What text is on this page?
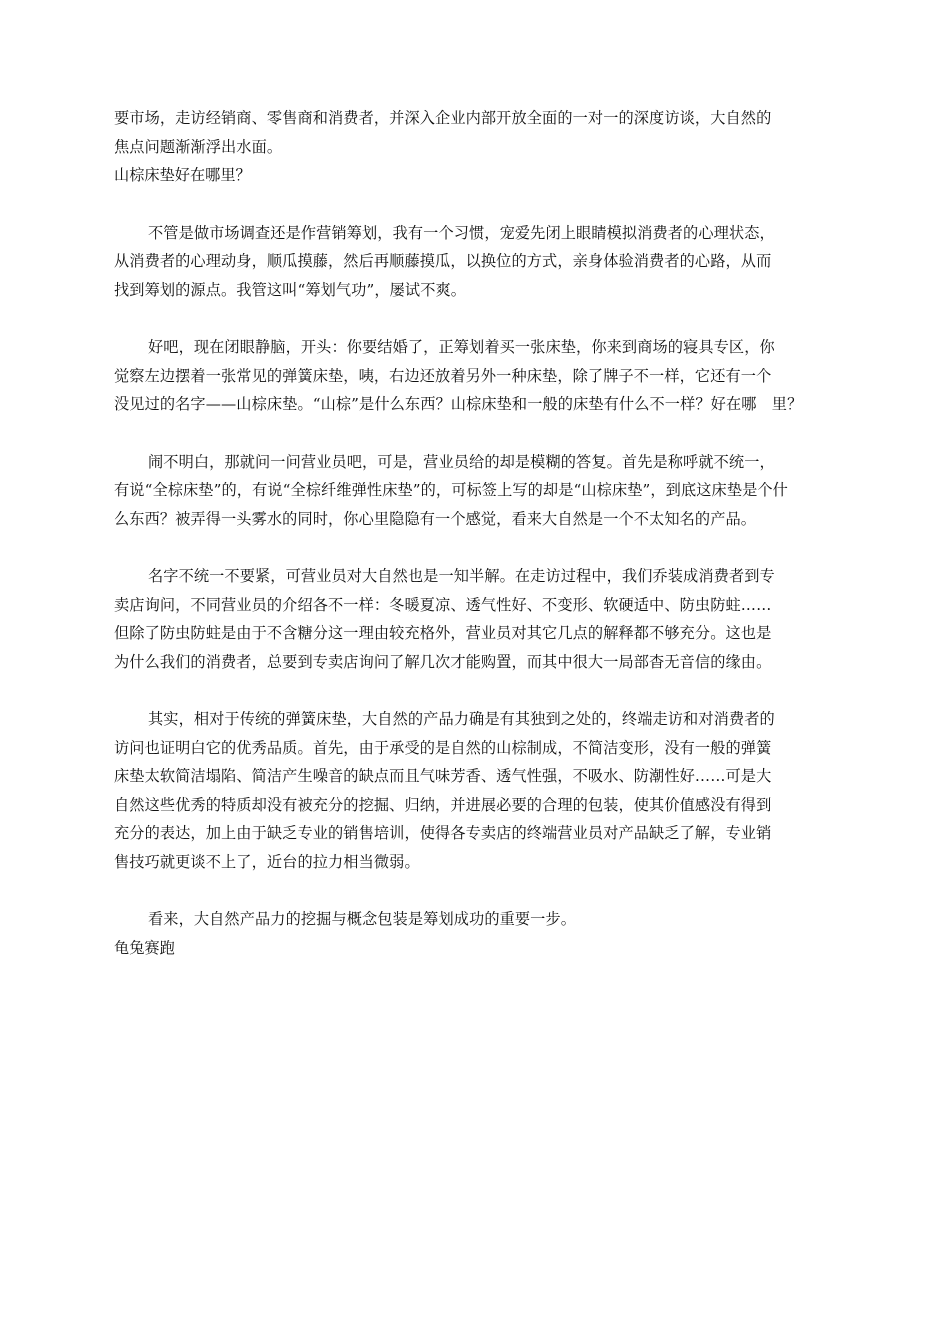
要市场，走访经销商、零售商和消费者，并深入企业内部开放全面的一对一的深度访谈，大自然的
焦点问题渐渐浮出水面。

山棕床垫好在哪里？

不管是做市场调查还是作营销筹划，我有一个习惯，宠爱先闭上眼睛模拟消费者的心理状态，
从消费者的心理动身，顺瓜摸藤，然后再顺藤摸瓜，以换位的方式，亲身体验消费者的心路，从而
找到筹划的源点。我管这叫“筹划气功”，屡试不爽。

好吧，现在闭眼静脑，开头：你要结婚了，正筹划着买一张床垫，你来到商场的寝具专区，你
觉察左边摆着一张常见的弹簧床垫，咦，右边还放着另外一种床垫，除了牌子不一样，它还有一个
没见过的名字——山棕床垫。“山棕”是什么东西？山棕床垫和一般的床垫有什么不一样？好在哪　里？

闹不明白，那就问一问营业员吧，可是，营业员给的却是模糊的答复。首先是称呼就不统一，
有说“全棕床垫”的，有说“全棕纤维弹性床垫”的，可标签上写的却是“山棕床垫”，到底这床垫是个什
么东西？被弄得一头雾水的同时，你心里隐隐有一个感觉，看来大自然是一个不太知名的产品。

名字不统一不要紧，可营业员对大自然也是一知半解。在走访过程中，我们乔装成消费者到专
卖店询问，不同营业员的介绍各不一样：冬暖夏凉、透气性好、不变形、软硬适中、防虫防蛀……
但除了防虫防蛀是由于不含糖分这一理由较充格外，营业员对其它几点的解释都不够充分。这也是
为什么我们的消费者，总要到专卖店询问了解几次才能购置，而其中很大一局部杳无音信的缘由。

其实，相对于传统的弹簧床垫，大自然的产品力确是有其独到之处的，终端走访和对消费者的
访问也证明白它的优秀品质。首先，由于承受的是自然的山棕制成，不简洁变形，没有一般的弹簧
床垫太软简洁塌陷、简洁产生噪音的缺点而且气味芳香、透气性强，不吸水、防潮性好……可是大
自然这些优秀的特质却没有被充分的挖掘、归纳，并进展必要的合理的包装，使其价值感没有得到
充分的表达，加上由于缺乏专业的销售培训，使得各专卖店的终端营业员对产品缺乏了解，专业销
售技巧就更谈不上了，近台的拉力相当微弱。

看来，大自然产品力的挖掘与概念包装是筹划成功的重要一步。

龟兔赛跑
